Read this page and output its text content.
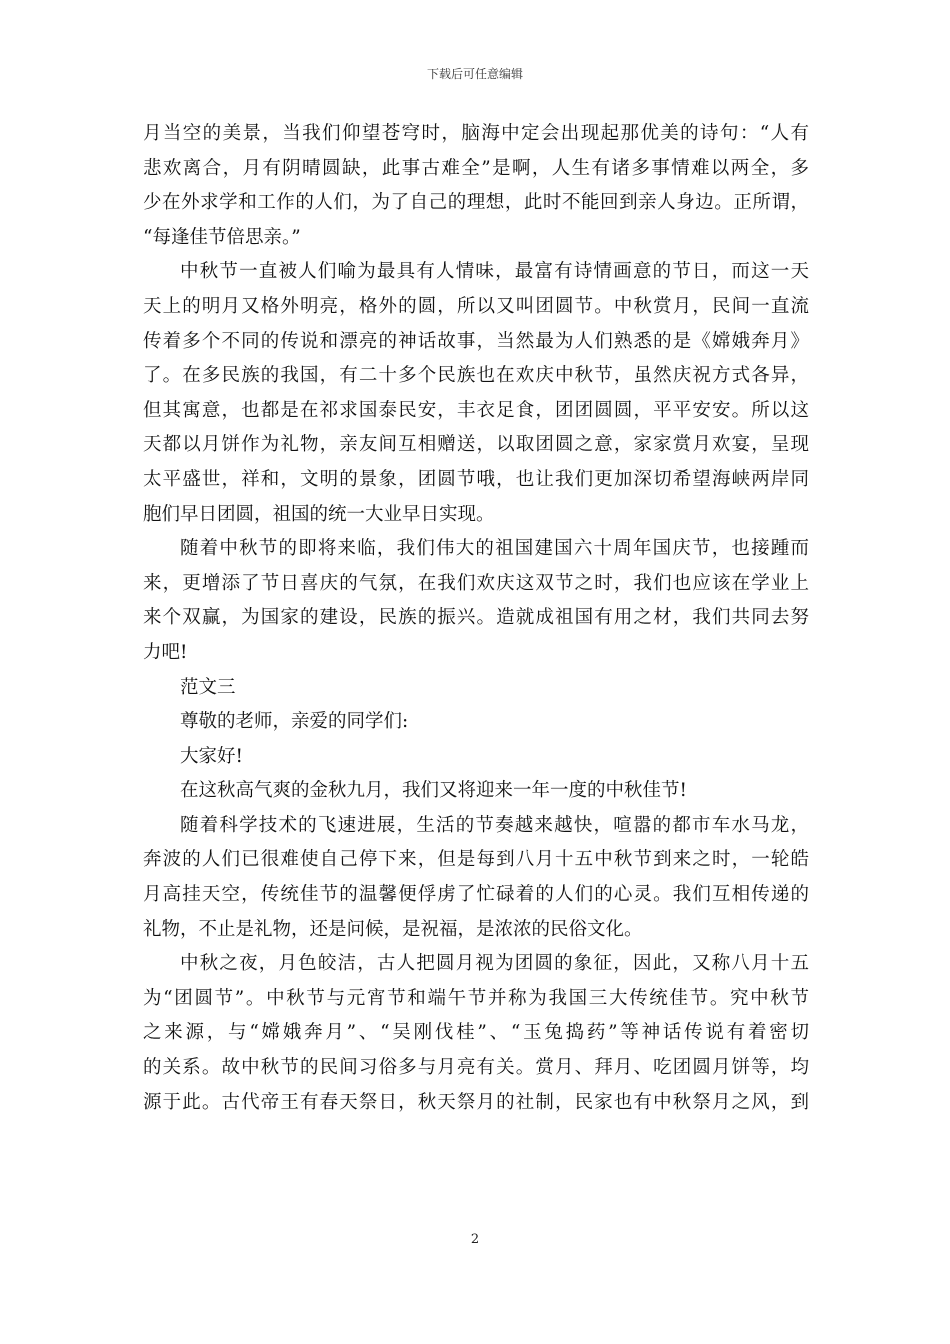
下载后可任意编辑
月当空的美景，当我们仰望苍穹时，脑海中定会出现起那优美的诗句：“人有
悲欢离合，月有阴晴圆缺，此事古难全”是啊，人生有诸多事情难以两全，多
少在外求学和工作的人们，为了自己的理想，此时不能回到亲人身边。正所谓，
“每逢佳节倍思亲。”
中秋节一直被人们喻为最具有人情味，最富有诗情画意的节日，而这一天
天上的明月又格外明亮，格外的圆，所以又叫团圆节。中秋赏月，民间一直流
传着多个不同的传说和漂亮的神话故事，当然最为人们熟悉的是《嫦娥奔月》
了。在多民族的我国，有二十多个民族也在欢庆中秋节，虽然庆祝方式各异，
但其寓意，也都是在祁求国泰民安，丰衣足食，团团圆圆，平平安安。所以这
天都以月饼作为礼物，亲友间互相赠送，以取团圆之意，家家赏月欢宴，呈现
太平盛世，祥和，文明的景象，团圆节哦，也让我们更加深切希望海峡两岸同
胞们早日团圆，祖国的统一大业早日实现。
随着中秋节的即将来临，我们伟大的祖国建国六十周年国庆节，也接踵而
来，更增添了节日喜庆的气氛，在我们欢庆这双节之时，我们也应该在学业上
来个双赢，为国家的建设，民族的振兴。造就成祖国有用之材，我们共同去努
力吧!
范文三
尊敬的老师，亲爱的同学们:
大家好!
在这秋高气爽的金秋九月，我们又将迎来一年一度的中秋佳节!
随着科学技术的飞速进展，生活的节奏越来越快，喧嚣的都市车水马龙，
奔波的人们已很难使自己停下来，但是每到八月十五中秋节到来之时，一轮皓
月高挂天空，传统佳节的温馨便俘虏了忙碌着的人们的心灵。我们互相传递的
礼物，不止是礼物，还是问候，是祝福，是浓浓的民俗文化。
中秋之夜，月色皎洁，古人把圆月视为团圆的象征，因此，又称八月十五
为“团圆节”。中秋节与元宵节和端午节并称为我国三大传统佳节。究中秋节
之来源，与“嫦娥奔月”、“吴刚伐桂”、“玉兔捣药”等神话传说有着密切
的关系。故中秋节的民间习俗多与月亮有关。赏月、拜月、吃团圆月饼等，均
源于此。古代帝王有春天祭日，秋天祭月的社制，民家也有中秋祭月之风，到
2
